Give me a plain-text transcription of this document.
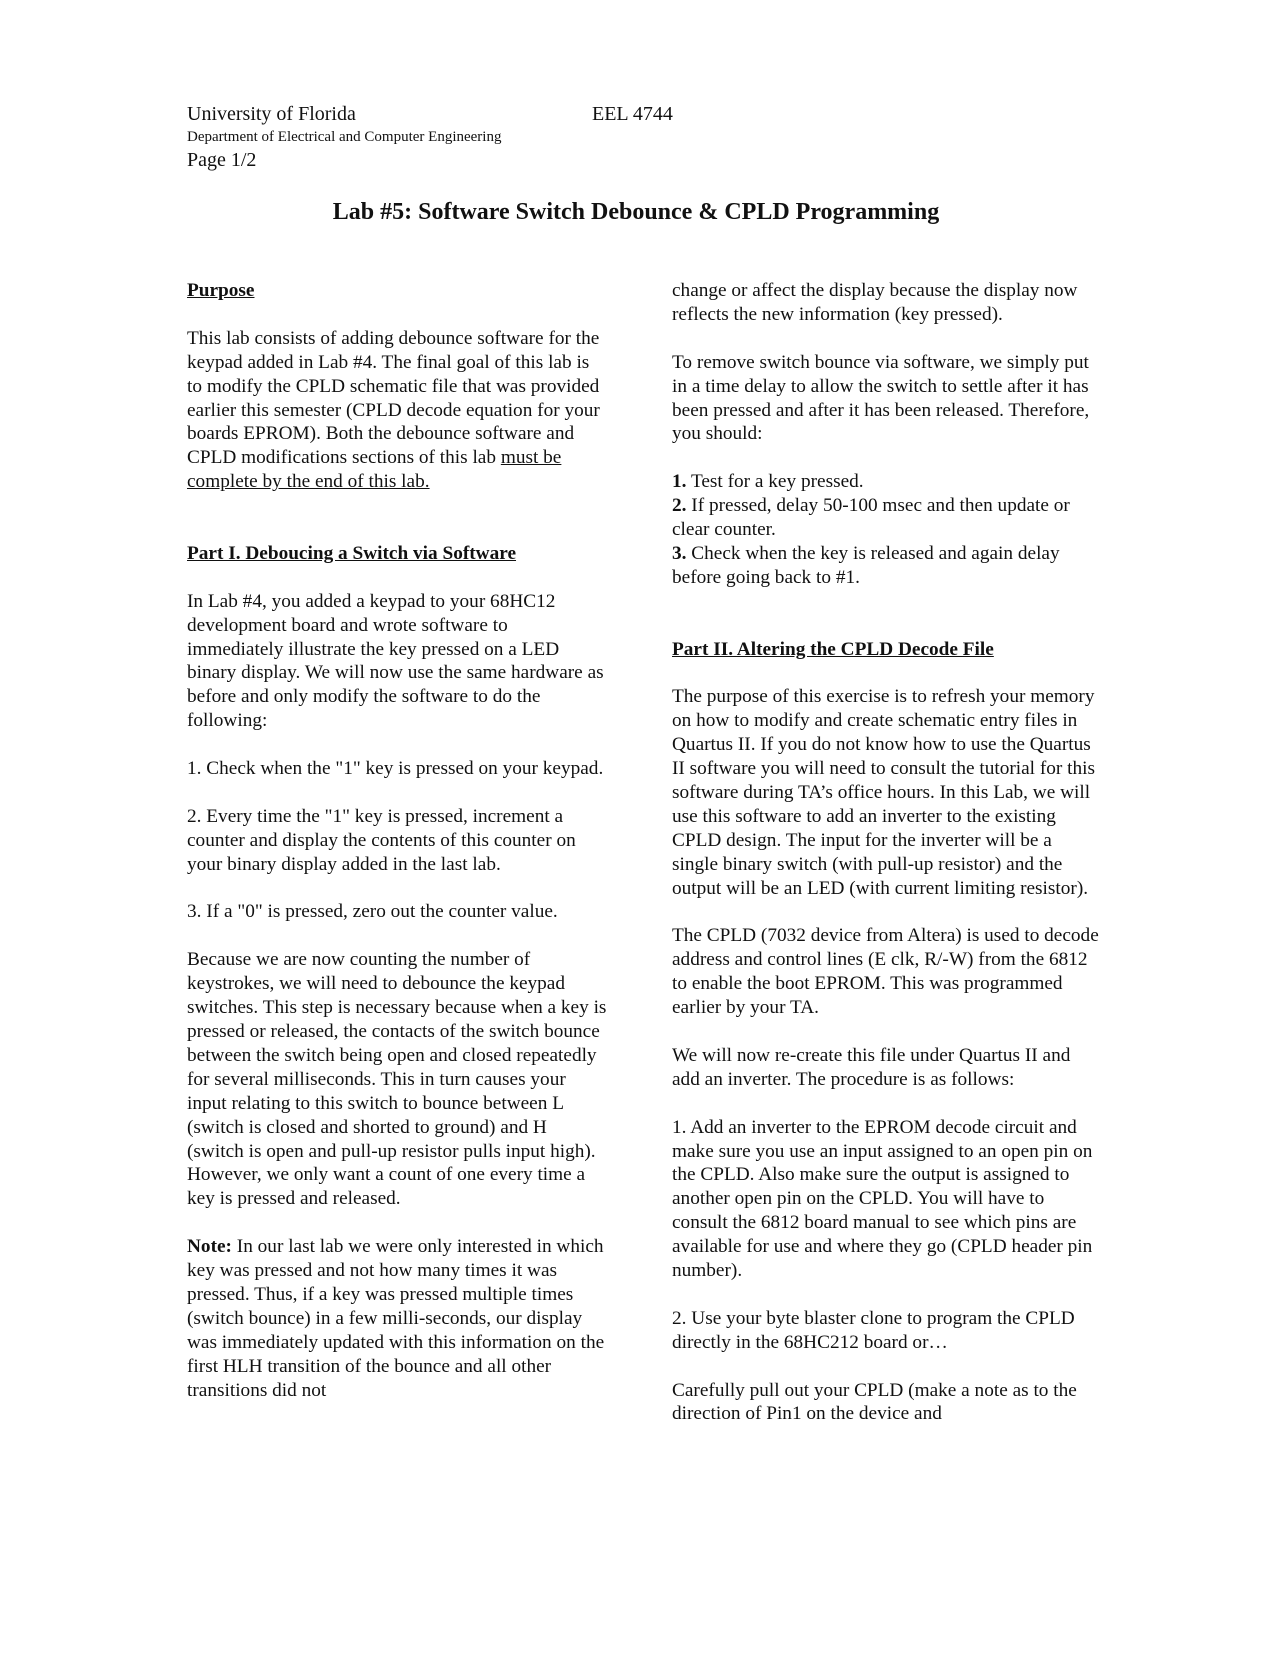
University of Florida	EEL 4744
Department of Electrical and Computer Engineering
Page 1/2
Lab #5: Software Switch Debounce & CPLD Programming

Purpose

This lab consists of adding debounce software for the keypad added in Lab #4. The final goal of this lab is to modify the CPLD schematic file that was provided earlier this semester (CPLD decode equation for your boards EPROM). Both the debounce software and CPLD modifications sections of this lab must be complete by the end of this lab.

Part I. Deboucing a Switch via Software

In Lab #4, you added a keypad to your 68HC12 development board and wrote software to immediately illustrate the key pressed on a LED binary display. We will now use the same hardware as before and only modify the software to do the following:

1. Check when the "1" key is pressed on your keypad.

2. Every time the "1" key is pressed, increment a counter and display the contents of this counter on your binary display added in the last lab.

3. If a "0" is pressed, zero out the counter value.

Because we are now counting the number of keystrokes, we will need to debounce the keypad switches. This step is necessary because when a key is pressed or released, the contacts of the switch bounce between the switch being open and closed repeatedly for several milliseconds. This in turn causes your input relating to this switch to bounce between L (switch is closed and shorted to ground) and H (switch is open and pull-up resistor pulls input high). However, we only want a count of one every time a key is pressed and released.

Note: In our last lab we were only interested in which key was pressed and not how many times it was pressed. Thus, if a key was pressed multiple times (switch bounce) in a few milli-seconds, our display was immediately updated with this information on the first HLH transition of the bounce and all other transitions did not

change or affect the display because the display now reflects the new information (key pressed).

To remove switch bounce via software, we simply put in a time delay to allow the switch to settle after it has been pressed and after it has been released. Therefore, you should:

1. Test for a key pressed.
2. If pressed, delay 50-100 msec and then update or clear counter.
3. Check when the key is released and again delay before going back to #1.

Part II. Altering the CPLD Decode File

The purpose of this exercise is to refresh your memory on how to modify and create schematic entry files in Quartus II. If you do not know how to use the Quartus II software you will need to consult the tutorial for this software during TA’s office hours. In this Lab, we will use this software to add an inverter to the existing CPLD design. The input for the inverter will be a single binary switch (with pull-up resistor) and the output will be an LED (with current limiting resistor).

The CPLD (7032 device from Altera) is used to decode address and control lines (E clk, R/-W) from the 6812 to enable the boot EPROM. This was programmed earlier by your TA.

We will now re-create this file under Quartus II and add an inverter. The procedure is as follows:

1. Add an inverter to the EPROM decode circuit and make sure you use an input assigned to an open pin on the CPLD. Also make sure the output is assigned to another open pin on the CPLD. You will have to consult the 6812 board manual to see which pins are available for use and where they go (CPLD header pin number).

2. Use your byte blaster clone to program the CPLD directly in the 68HC212 board or…

Carefully pull out your CPLD (make a note as to the direction of Pin1 on the device and
